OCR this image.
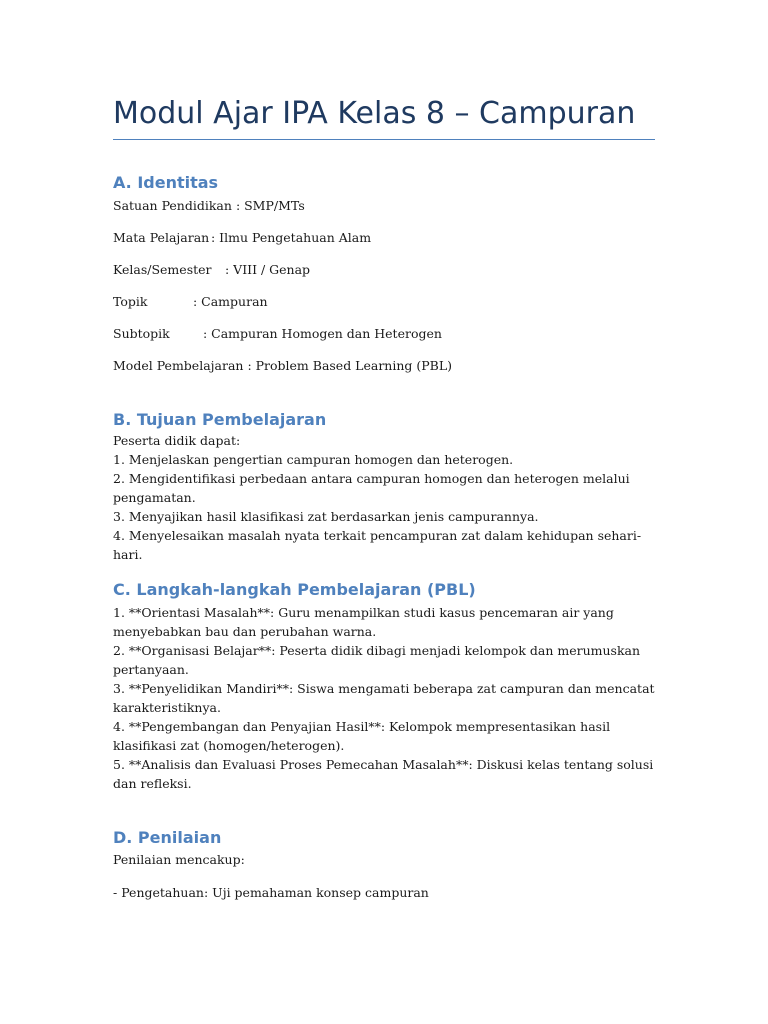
Modul Ajar IPA Kelas 8 – Campuran
A. Identitas
Satuan Pendidikan : SMP/MTs
Mata Pelajaran : Ilmu Pengetahuan Alam
Kelas/Semester : VIII / Genap
Topik	: Campuran
Subtopik	: Campuran Homogen dan Heterogen
Model Pembelajaran : Problem Based Learning (PBL)
B. Tujuan Pembelajaran
Peserta didik dapat:
1. Menjelaskan pengertian campuran homogen dan heterogen.
2. Mengidentifikasi perbedaan antara campuran homogen dan heterogen melalui pengamatan.
3. Menyajikan hasil klasifikasi zat berdasarkan jenis campurannya.
4. Menyelesaikan masalah nyata terkait pencampuran zat dalam kehidupan sehari-hari.
C. Langkah-langkah Pembelajaran (PBL)
1. **Orientasi Masalah**: Guru menampilkan studi kasus pencemaran air yang menyebabkan bau dan perubahan warna.
2. **Organisasi Belajar**: Peserta didik dibagi menjadi kelompok dan merumuskan pertanyaan.
3. **Penyelidikan Mandiri**: Siswa mengamati beberapa zat campuran dan mencatat karakteristiknya.
4. **Pengembangan dan Penyajian Hasil**: Kelompok mempresentasikan hasil klasifikasi zat (homogen/heterogen).
5. **Analisis dan Evaluasi Proses Pemecahan Masalah**: Diskusi kelas tentang solusi dan refleksi.
D. Penilaian
Penilaian mencakup:
- Pengetahuan: Uji pemahaman konsep campuran
